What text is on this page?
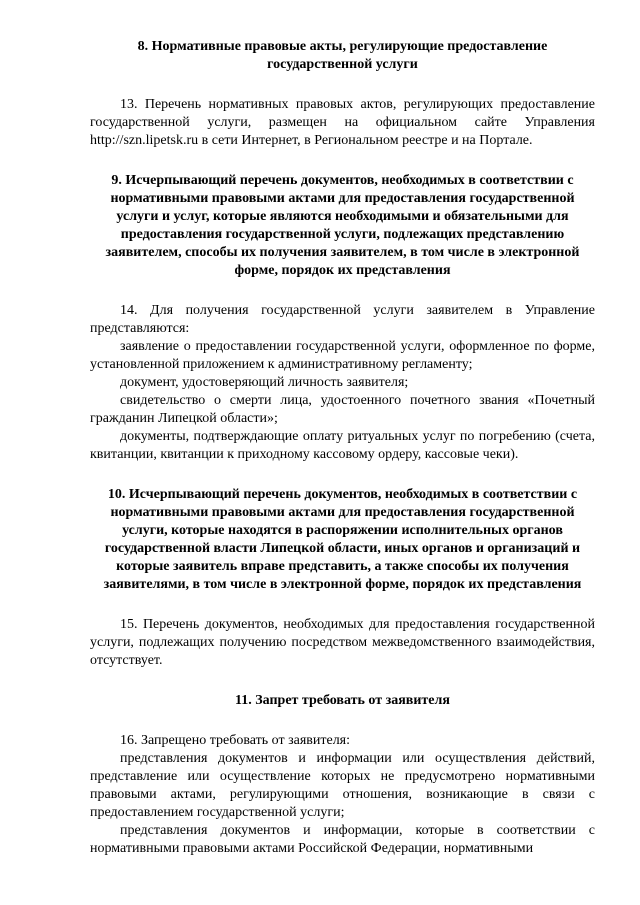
8. Нормативные правовые акты, регулирующие предоставление государственной услуги

13. Перечень нормативных правовых актов, регулирующих предоставление государственной услуги, размещен на официальном сайте Управления http://szn.lipetsk.ru в сети Интернет, в Региональном реестре и на Портале.

9. Исчерпывающий перечень документов, необходимых в соответствии с нормативными правовыми актами для предоставления государственной услуги и услуг, которые являются необходимыми и обязательными для предоставления государственной услуги, подлежащих представлению заявителем, способы их получения заявителем, в том числе в электронной форме, порядок их представления

14. Для получения государственной услуги заявителем в Управление представляются:

заявление о предоставлении государственной услуги, оформленное по форме, установленной приложением к административному регламенту;

документ, удостоверяющий личность заявителя;

свидетельство о смерти лица, удостоенного почетного звания «Почетный гражданин Липецкой области»;

документы, подтверждающие оплату ритуальных услуг по погребению (счета, квитанции, квитанции к приходному кассовому ордеру, кассовые чеки).

10. Исчерпывающий перечень документов, необходимых в соответствии с нормативными правовыми актами для предоставления государственной услуги, которые находятся в распоряжении исполнительных органов государственной власти Липецкой области, иных органов и организаций и которые заявитель вправе представить, а также способы их получения заявителями, в том числе в электронной форме, порядок их представления

15. Перечень документов, необходимых для предоставления государственной услуги, подлежащих получению посредством межведомственного взаимодействия, отсутствует.

11. Запрет требовать от заявителя

16. Запрещено требовать от заявителя:

представления документов и информации или осуществления действий, представление или осуществление которых не предусмотрено нормативными правовыми актами, регулирующими отношения, возникающие в связи с предоставлением государственной услуги;

представления документов и информации, которые в соответствии с нормативными правовыми актами Российской Федерации, нормативными
